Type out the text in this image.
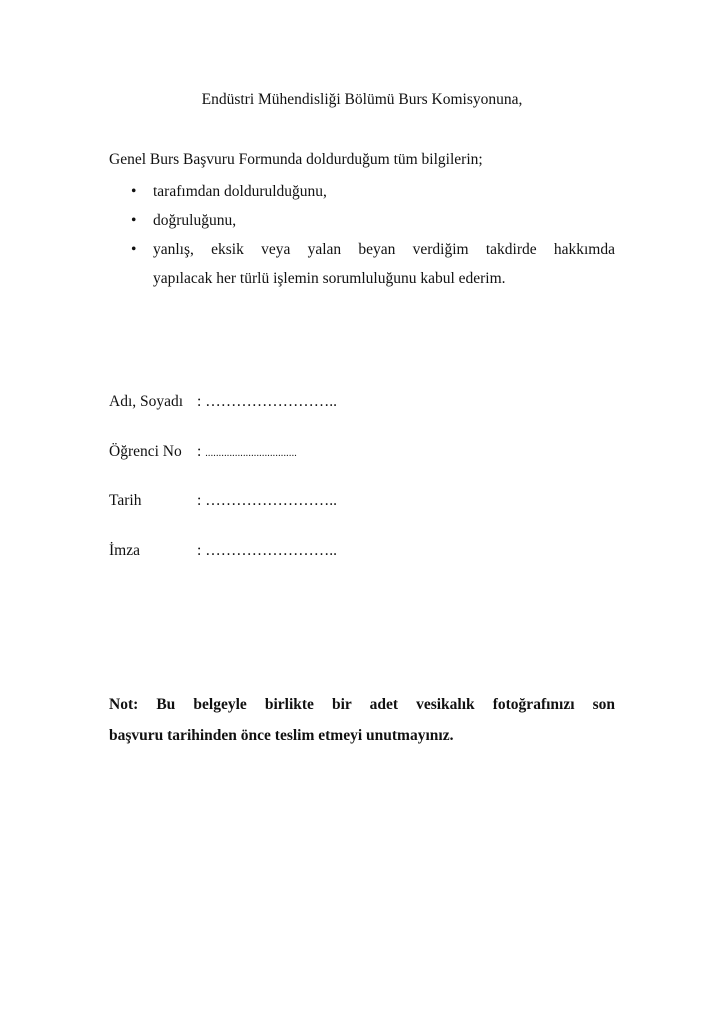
Endüstri Mühendisliği Bölümü Burs Komisyonuna,
Genel Burs Başvuru Formunda doldurduğum tüm bilgilerin;
• tarafımdan doldurulduğunu,
• doğruluğunu,
• yanlış, eksik veya yalan beyan verdiğim takdirde hakkımda
yapılacak her türlü işlemin sorumluluğunu kabul ederim.
Adı, Soyadı : ……………………..
Öğrenci No : ..................................
Tarih	: ……………………..
İmza	: ……………………..
Not: Bu belgeyle birlikte bir adet vesikalık fotoğrafınızı son
başvuru tarihinden önce teslim etmeyi unutmayınız.
